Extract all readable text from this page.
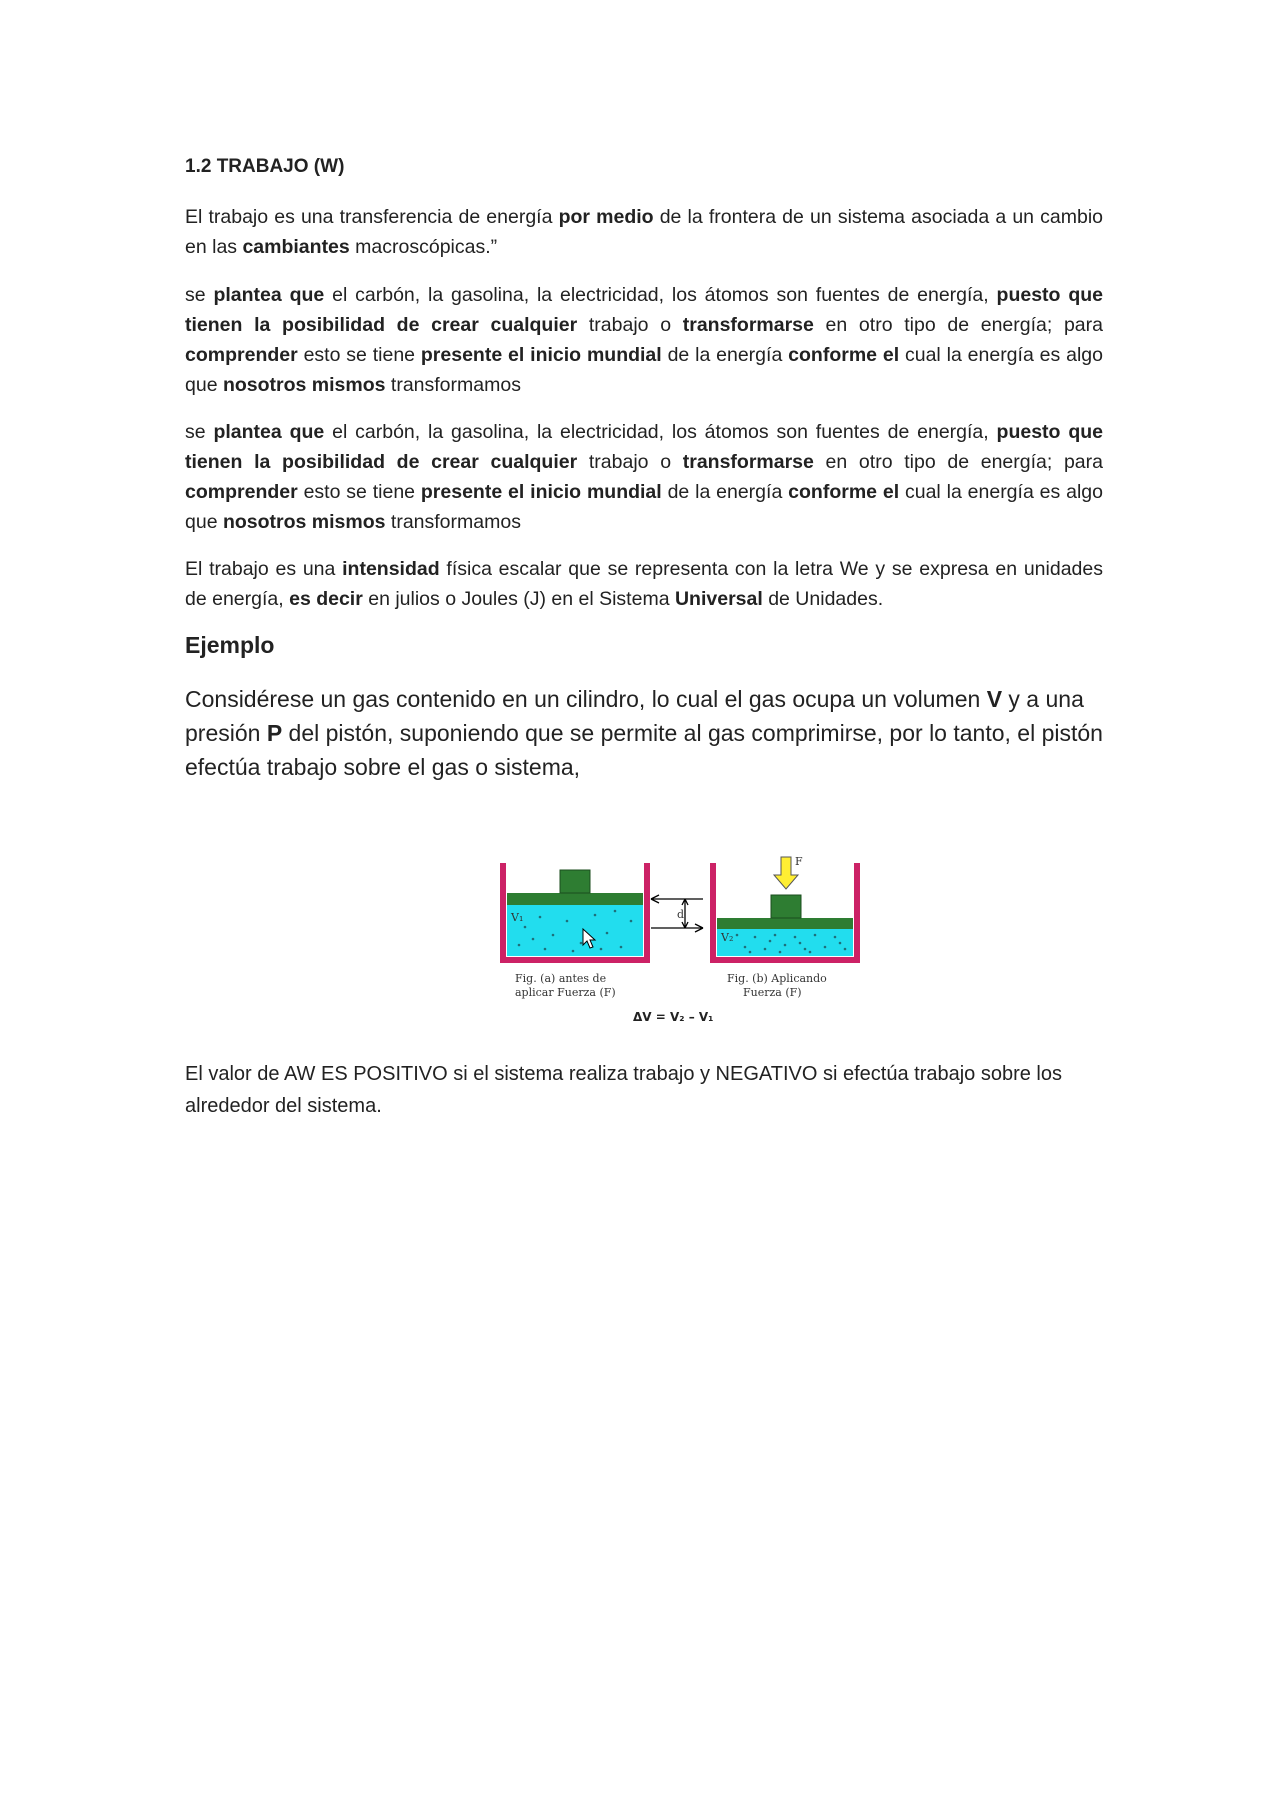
1.2 TRABAJO (W)

El trabajo es una transferencia de energía por medio de la frontera de un sistema asociada a un cambio en las cambiantes macroscópicas.”

se plantea que el carbón, la gasolina, la electricidad, los átomos son fuentes de energía, puesto que tienen la posibilidad de crear cualquier trabajo o transformarse en otro tipo de energía; para comprender esto se tiene presente el inicio mundial de la energía conforme el cual la energía es algo que nosotros mismos transformamos

se plantea que el carbón, la gasolina, la electricidad, los átomos son fuentes de energía, puesto que tienen la posibilidad de crear cualquier trabajo o transformarse en otro tipo de energía; para comprender esto se tiene presente el inicio mundial de la energía conforme el cual la energía es algo que nosotros mismos transformamos

El trabajo es una intensidad física escalar que se representa con la letra We y se expresa en unidades de energía, es decir en julios o Joules (J) en el Sistema Universal de Unidades.

Ejemplo

Considérese un gas contenido en un cilindro, lo cual el gas ocupa un volumen V y a una presión P del pistón, suponiendo que se permite al gas comprimirse, por lo tanto, el pistón efectúa trabajo sobre el gas o sistema,

V₁	d
V₂
F
Fig. (a) antes de
aplicar Fuerza (F)
Fig. (b) Aplicando
Fuerza (F)
ΔV = V₂ – V₁

El valor de AW ES POSITIVO si el sistema realiza trabajo y NEGATIVO si efectúa trabajo sobre los alrededor del sistema.
